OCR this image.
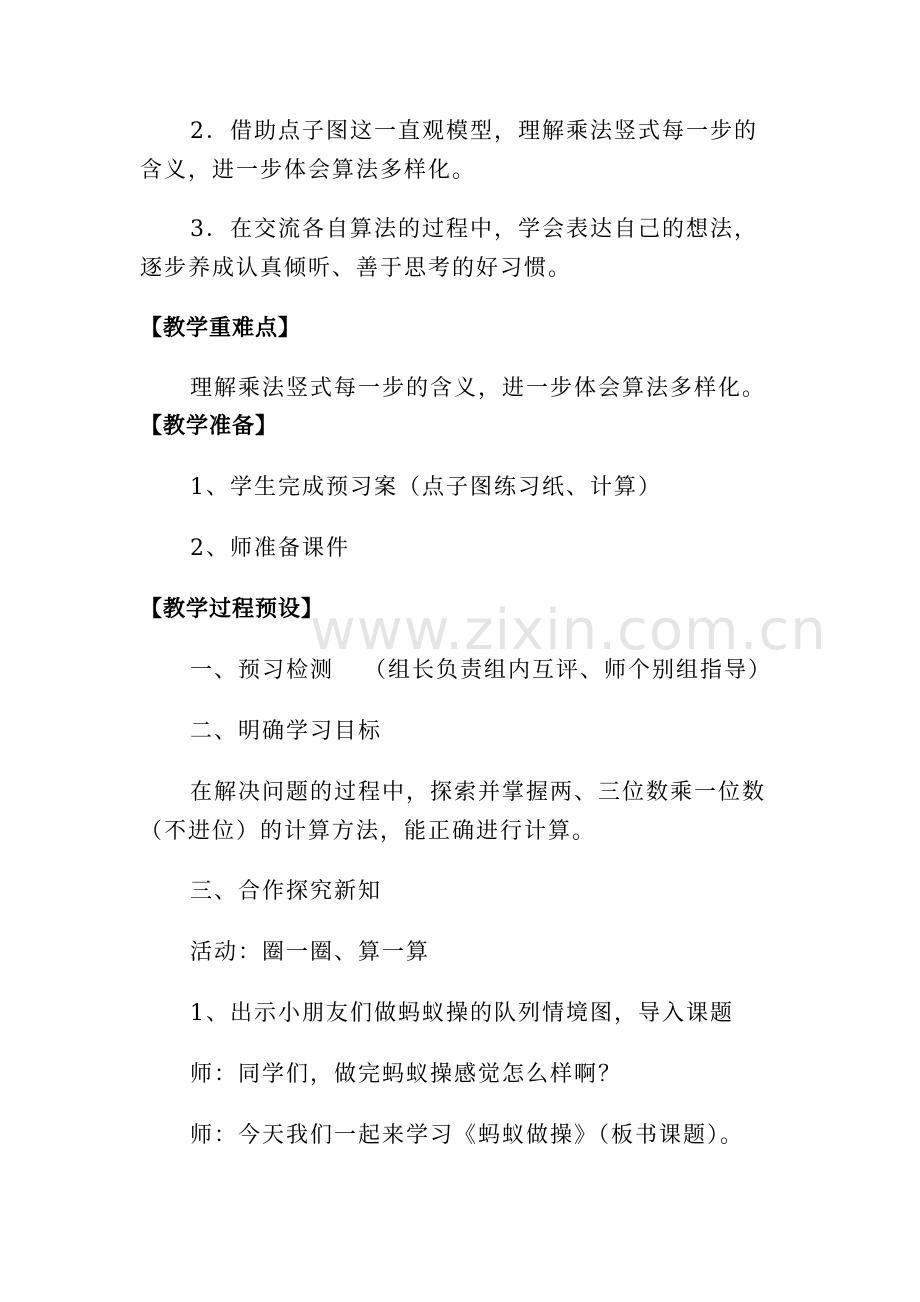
www.zixin.com.cn
2．借助点子图这一直观模型，理解乘法竖式每一步的
含义，进一步体会算法多样化。
3．在交流各自算法的过程中，学会表达自己的想法，
逐步养成认真倾听、善于思考的好习惯。
【教学重难点】
理解乘法竖式每一步的含义，进一步体会算法多样化。
【教学准备】
1、学生完成预习案（点子图练习纸、计算）
2、师准备课件
【教学过程预设】
一、预习检测	（组长负责组内互评、师个别组指导）
二、明确学习目标
在解决问题的过程中，探索并掌握两、三位数乘一位数
（不进位）的计算方法，能正确进行计算。
三、合作探究新知
活动：圈一圈、算一算
1、出示小朋友们做蚂蚁操的队列情境图，导入课题
师：同学们，做完蚂蚁操感觉怎么样啊？
师：今天我们一起来学习《蚂蚁做操》（板书课题）。
